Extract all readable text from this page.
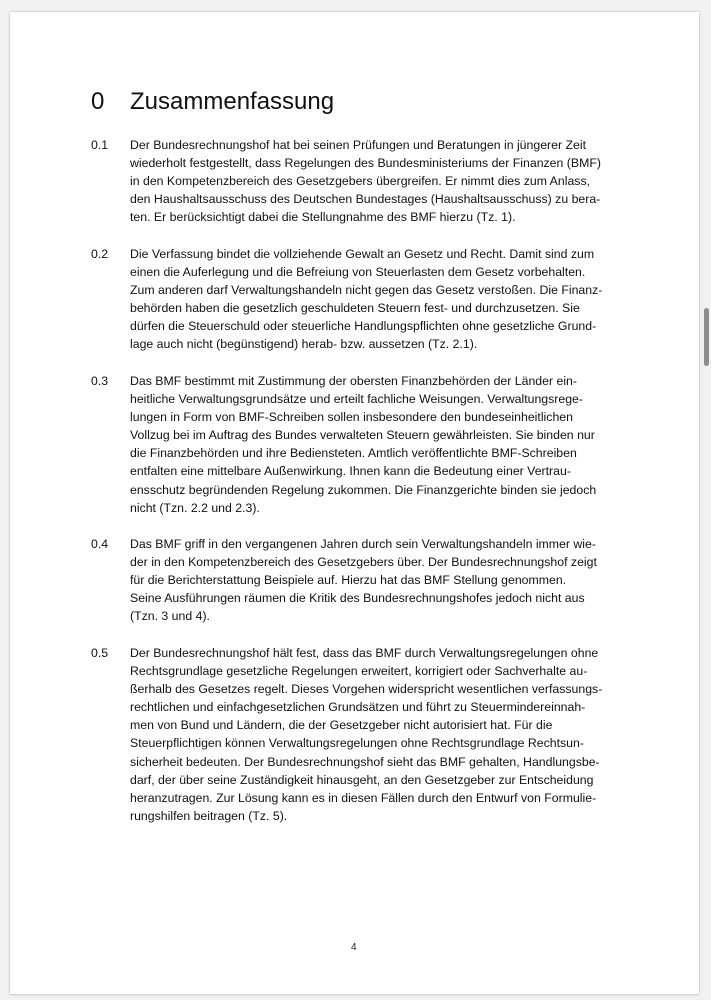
0 Zusammenfassung
0.1	Der Bundesrechnungshof hat bei seinen Prüfungen und Beratungen in jüngerer Zeit
wiederholt festgestellt, dass Regelungen des Bundesministeriums der Finanzen (BMF)
in den Kompetenzbereich des Gesetzgebers übergreifen. Er nimmt dies zum Anlass,
den Haushaltsausschuss des Deutschen Bundestages (Haushaltsausschuss) zu bera-
ten. Er berücksichtigt dabei die Stellungnahme des BMF hierzu (Tz. 1).
0.2	Die Verfassung bindet die vollziehende Gewalt an Gesetz und Recht. Damit sind zum
einen die Auferlegung und die Befreiung von Steuerlasten dem Gesetz vorbehalten.
Zum anderen darf Verwaltungshandeln nicht gegen das Gesetz verstoßen. Die Finanz-
behörden haben die gesetzlich geschuldeten Steuern fest- und durchzusetzen. Sie
dürfen die Steuerschuld oder steuerliche Handlungspflichten ohne gesetzliche Grund-
lage auch nicht (begünstigend) herab- bzw. aussetzen (Tz. 2.1).
0.3	Das BMF bestimmt mit Zustimmung der obersten Finanzbehörden der Länder ein-
heitliche Verwaltungsgrundsätze und erteilt fachliche Weisungen. Verwaltungsrege-
lungen in Form von BMF-Schreiben sollen insbesondere den bundeseinheitlichen
Vollzug bei im Auftrag des Bundes verwalteten Steuern gewährleisten. Sie binden nur
die Finanzbehörden und ihre Bediensteten. Amtlich veröffentlichte BMF-Schreiben
entfalten eine mittelbare Außenwirkung. Ihnen kann die Bedeutung einer Vertrau-
ensschutz begründenden Regelung zukommen. Die Finanzgerichte binden sie jedoch
nicht (Tzn. 2.2 und 2.3).
0.4	Das BMF griff in den vergangenen Jahren durch sein Verwaltungshandeln immer wie-
der in den Kompetenzbereich des Gesetzgebers über. Der Bundesrechnungshof zeigt
für die Berichterstattung Beispiele auf. Hierzu hat das BMF Stellung genommen.
Seine Ausführungen räumen die Kritik des Bundesrechnungshofes jedoch nicht aus
(Tzn. 3 und 4).
0.5	Der Bundesrechnungshof hält fest, dass das BMF durch Verwaltungsregelungen ohne
Rechtsgrundlage gesetzliche Regelungen erweitert, korrigiert oder Sachverhalte au-
ßerhalb des Gesetzes regelt. Dieses Vorgehen widerspricht wesentlichen verfassungs-
rechtlichen und einfachgesetzlichen Grundsätzen und führt zu Steuermindereinnah-
men von Bund und Ländern, die der Gesetzgeber nicht autorisiert hat. Für die
Steuerpflichtigen können Verwaltungsregelungen ohne Rechtsgrundlage Rechtsun-
sicherheit bedeuten. Der Bundesrechnungshof sieht das BMF gehalten, Handlungsbe-
darf, der über seine Zuständigkeit hinausgeht, an den Gesetzgeber zur Entscheidung
heranzutragen. Zur Lösung kann es in diesen Fällen durch den Entwurf von Formulie-
rungshilfen beitragen (Tz. 5).
4
